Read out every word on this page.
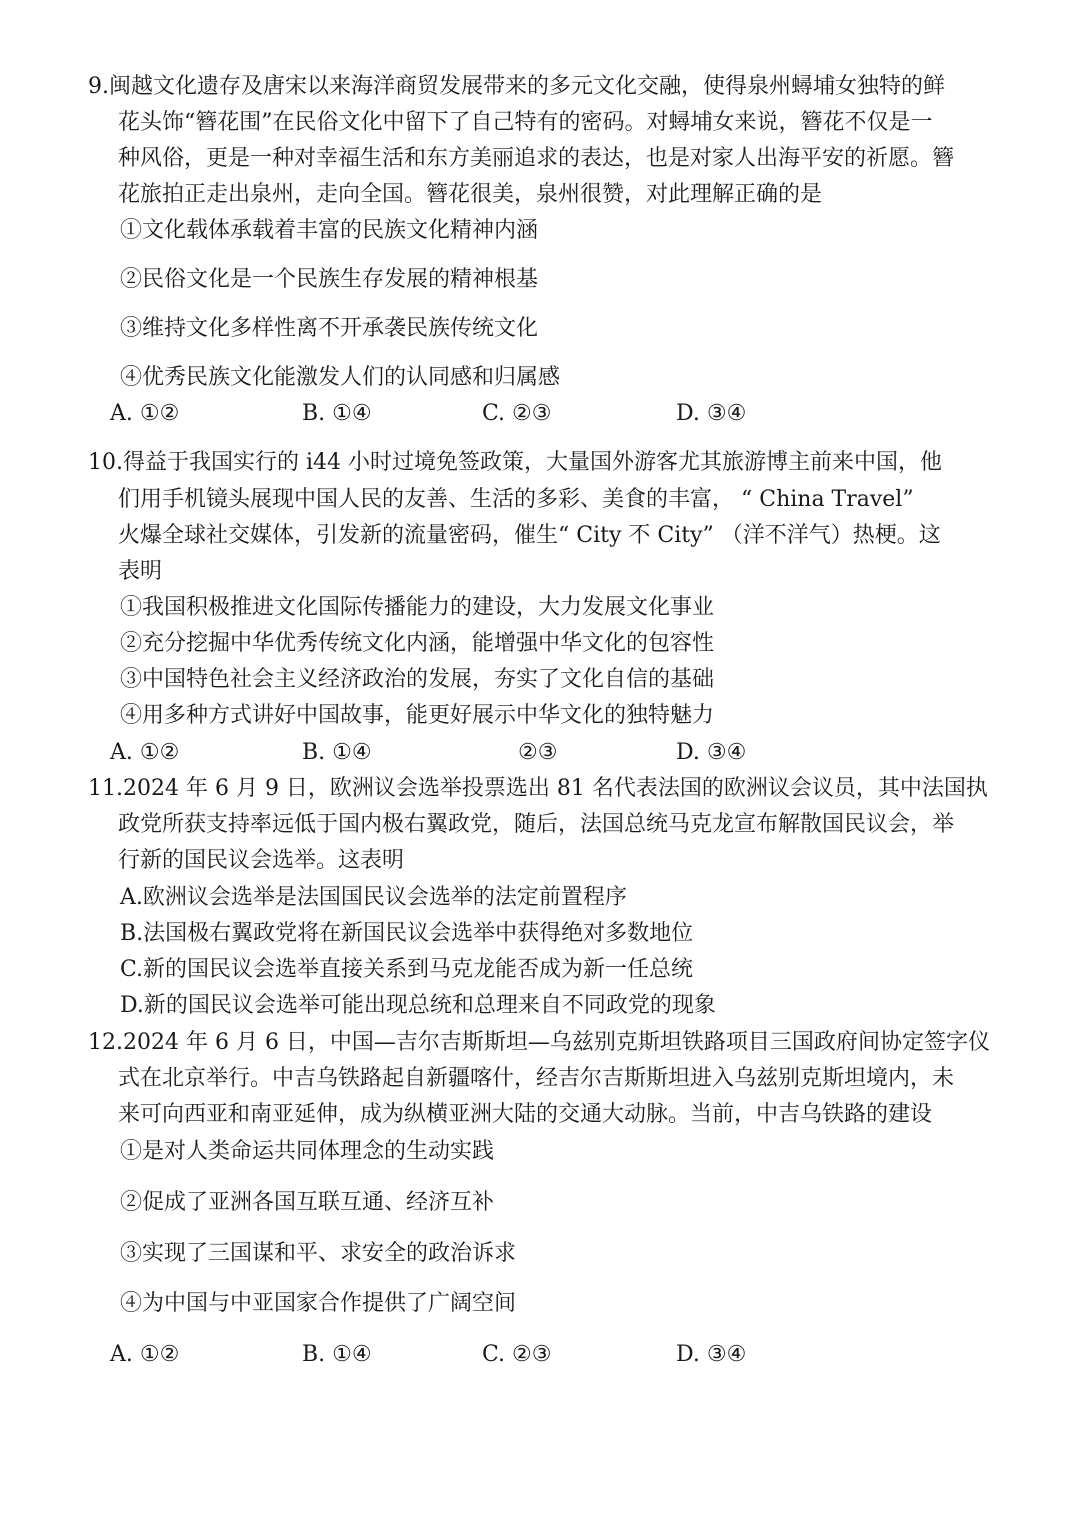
9.闽越文化遗存及唐宋以来海洋商贸发展带来的多元文化交融，使得泉州蟳埔女独特的鲜
花头饰“簪花围”在民俗文化中留下了自己特有的密码。对蟳埔女来说，簪花不仅是一
种风俗，更是一种对幸福生活和东方美丽追求的表达，也是对家人出海平安的祈愿。簪
花旅拍正走出泉州，走向全国。簪花很美，泉州很赞，对此理解正确的是
①文化载体承载着丰富的民族文化精神内涵
②民俗文化是一个民族生存发展的精神根基
③维持文化多样性离不开承袭民族传统文化
④优秀民族文化能激发人们的认同感和归属感
A. ①②	B. ①④	C. ②③	D. ③④
10.得益于我国实行的 i44 小时过境免签政策，大量国外游客尤其旅游博主前来中国，他
们用手机镜头展现中国人民的友善、生活的多彩、美食的丰富， “ China Travel”
火爆全球社交媒体，引发新的流量密码，催生“ City 不 City” （洋不洋气）热梗。这
表明
①我国积极推进文化国际传播能力的建设，大力发展文化事业
②充分挖掘中华优秀传统文化内涵，能增强中华文化的包容性
③中国特色社会主义经济政治的发展，夯实了文化自信的基础
④用多种方式讲好中国故事，能更好展示中华文化的独特魅力
A. ①②	B. ①④	②③	D. ③④
11.2024 年 6 月 9 日，欧洲议会选举投票选出 81 名代表法国的欧洲议会议员，其中法国执
政党所获支持率远低于国内极右翼政党，随后，法国总统马克龙宣布解散国民议会，举
行新的国民议会选举。这表明
A.欧洲议会选举是法国国民议会选举的法定前置程序
B.法国极右翼政党将在新国民议会选举中获得绝对多数地位
C.新的国民议会选举直接关系到马克龙能否成为新一任总统
D.新的国民议会选举可能出现总统和总理来自不同政党的现象
12.2024 年 6 月 6 日，中国—吉尔吉斯斯坦—乌兹别克斯坦铁路项目三国政府间协定签字仪
式在北京举行。中吉乌铁路起自新疆喀什，经吉尔吉斯斯坦进入乌兹别克斯坦境内，未
来可向西亚和南亚延伸，成为纵横亚洲大陆的交通大动脉。当前，中吉乌铁路的建设
①是对人类命运共同体理念的生动实践
②促成了亚洲各国互联互通、经济互补
③实现了三国谋和平、求安全的政治诉求
④为中国与中亚国家合作提供了广阔空间
A. ①②	B. ①④	C. ②③	D. ③④
